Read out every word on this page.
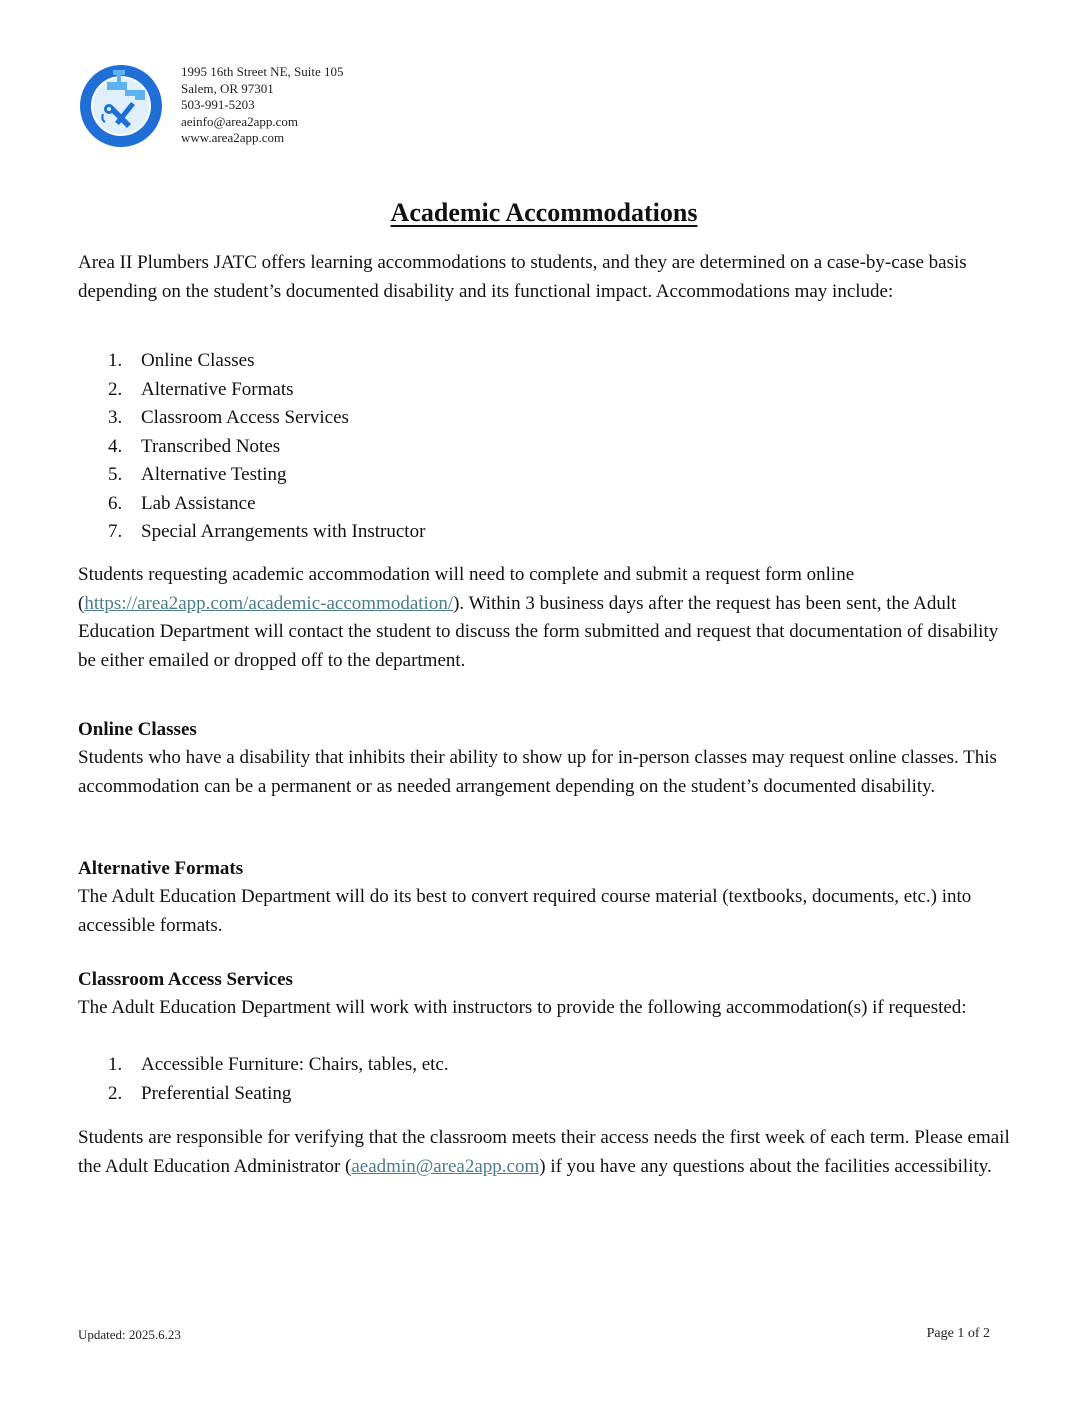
1995 16th Street NE, Suite 105
Salem, OR 97301
503-991-5203
aeinfo@area2app.com
www.area2app.com
Academic Accommodations
Area II Plumbers JATC offers learning accommodations to students, and they are determined on a case-by-case basis depending on the student’s documented disability and its functional impact. Accommodations may include:
1. Online Classes
2. Alternative Formats
3. Classroom Access Services
4. Transcribed Notes
5. Alternative Testing
6. Lab Assistance
7. Special Arrangements with Instructor
Students requesting academic accommodation will need to complete and submit a request form online (https://area2app.com/academic-accommodation/). Within 3 business days after the request has been sent, the Adult Education Department will contact the student to discuss the form submitted and request that documentation of disability be either emailed or dropped off to the department.
Online Classes
Students who have a disability that inhibits their ability to show up for in-person classes may request online classes. This accommodation can be a permanent or as needed arrangement depending on the student’s documented disability.
Alternative Formats
The Adult Education Department will do its best to convert required course material (textbooks, documents, etc.) into accessible formats.
Classroom Access Services
The Adult Education Department will work with instructors to provide the following accommodation(s) if requested:
1. Accessible Furniture: Chairs, tables, etc.
2. Preferential Seating
Students are responsible for verifying that the classroom meets their access needs the first week of each term. Please email the Adult Education Administrator (aeadmin@area2app.com) if you have any questions about the facilities accessibility.
Updated: 2025.6.23	Page 1 of 2
